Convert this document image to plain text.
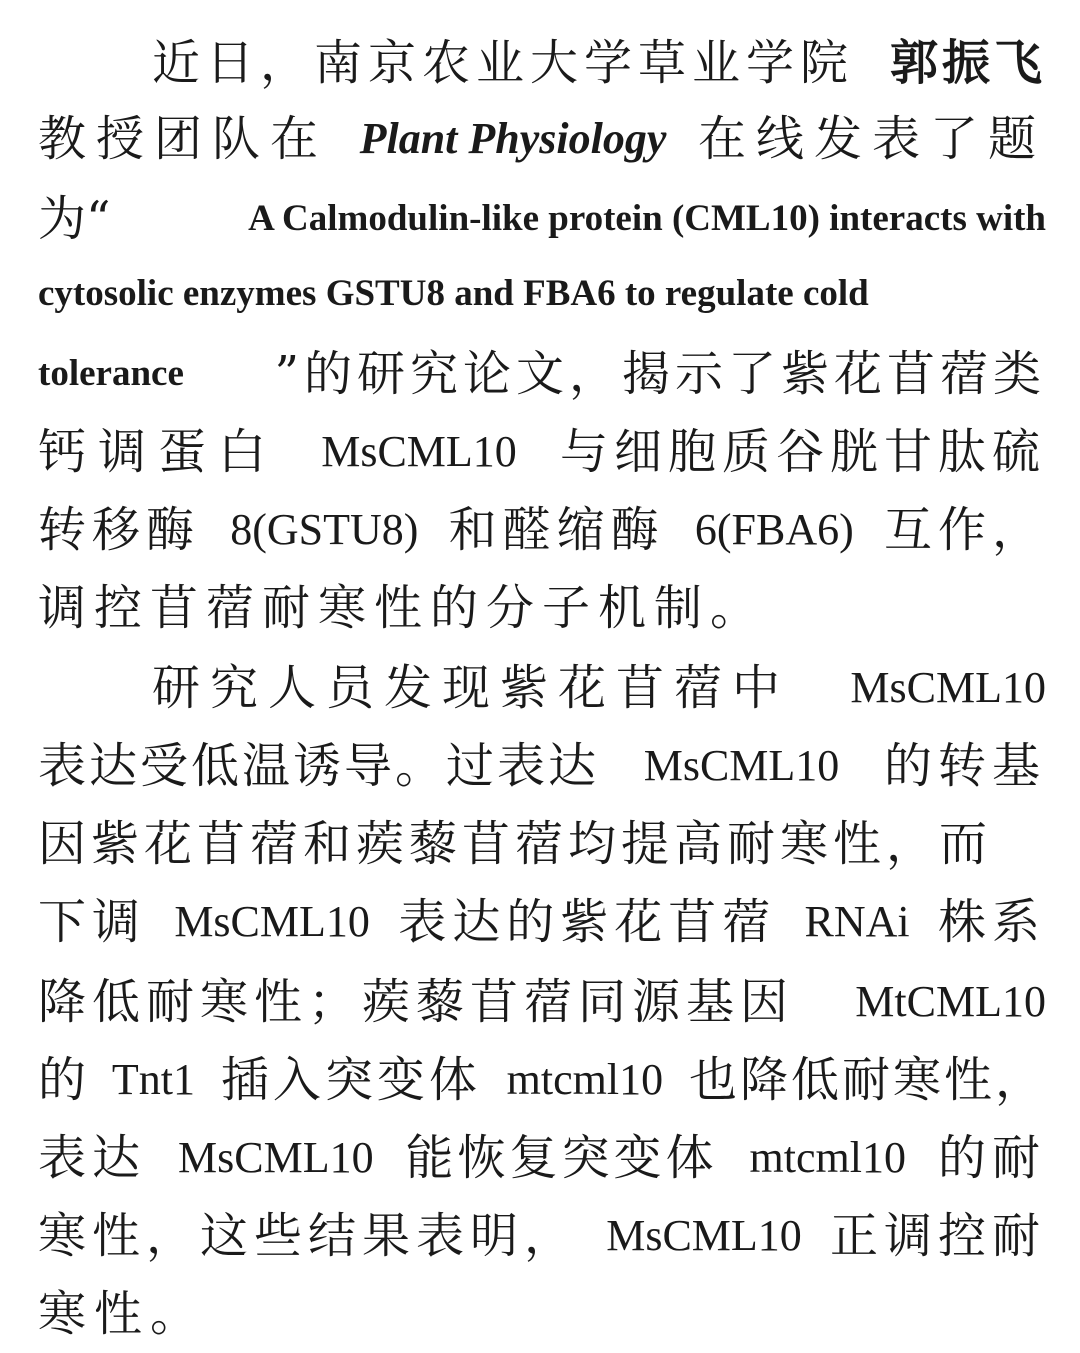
近日，南京农业大学草业学院 郭振飞
教授团队在 Plant Physiology 在线发表了题
为“	A Calmodulin-like protein (CML10) interacts with
cytosolic enzymes GSTU8 and FBA6 to regulate cold
tolerance ”的研究论文，揭示了紫花苜蓿类
钙调蛋白 MsCML10 与细胞质谷胱甘肽硫
转移酶 8(GSTU8) 和醛缩酶 6(FBA6) 互作，
调控苜蓿耐寒性的分子机制。
研究人员发现紫花苜蓿中 MsCML10
表达受低温诱导。过表达 MsCML10 的转基
因紫花苜蓿和蒺藜苜蓿均提高耐寒性，而
下调 MsCML10 表达的紫花苜蓿 RNAi 株系
降低耐寒性；蒺藜苜蓿同源基因 MtCML10
的 Tnt1 插入突变体 mtcml10 也降低耐寒性，
表达 MsCML10 能恢复突变体 mtcml10 的耐
寒性，这些结果表明， MsCML10 正调控耐
寒性。
